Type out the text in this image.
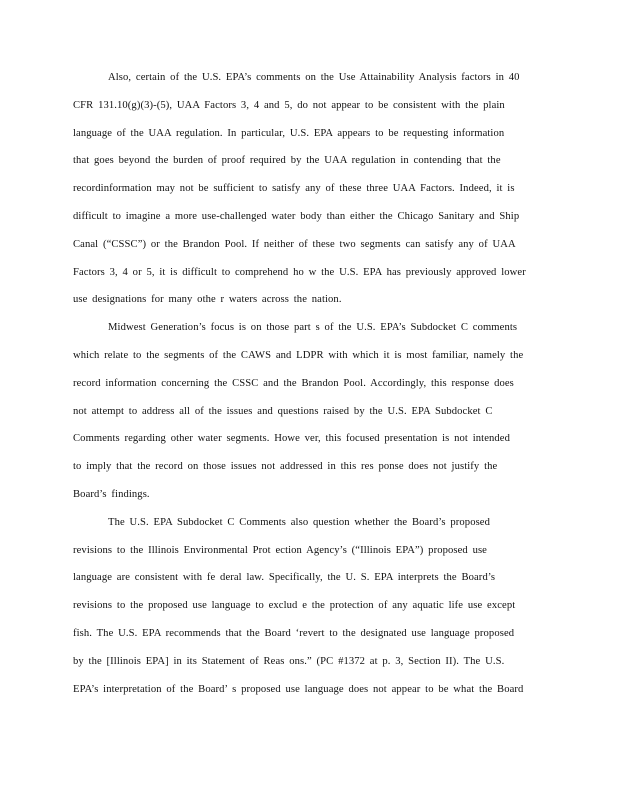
Also, certain of the U.S. EPA’s comments on the Use Attainability Analysis factors in 40
CFR 131.10(g)(3)-(5), UAA Factors 3, 4 and 5, do not appear to be consistent with the plain
language of the UAA regulation. In particular, U.S. EPA appears to be requesting information
that goes beyond the burden of proof required by the UAA regulation in contending that the
recordinformation may not be sufficient to satisfy any of these three UAA Factors. Indeed, it is
difficult to imagine a more use-challenged water body than either the Chicago Sanitary and Ship
Canal (“CSSC”) or the Brandon Pool. If neither of these two segments can satisfy any of UAA
Factors 3, 4 or 5, it is difficult to comprehend ho w the U.S. EPA has previously approved lower
use designations for many othe r waters across the nation.
Midwest Generation’s focus is on those part s of the U.S. EPA’s Subdocket C comments
which relate to the segments of the CAWS and LDPR with which it is most familiar, namely the
record information concerning the CSSC and the Brandon Pool. Accordingly, this response does
not attempt to address all of the issues and questions raised by the U.S. EPA Subdocket C
Comments regarding other water segments. Howe ver, this focused presentation is not intended
to imply that the record on those issues not addressed in this res ponse does not justify the
Board’s findings.
The U.S. EPA Subdocket C Comments also question whether the Board’s proposed
revisions to the Illinois Environmental Prot ection Agency’s (“Illinois EPA”) proposed use
language are consistent with fe deral law. Specifically, the U. S. EPA interprets the Board’s
revisions to the proposed use language to exclud e the protection of any aquatic life use except
fish. The U.S. EPA recommends that the Board ‘revert to the designated use language proposed
by the [Illinois EPA] in its Statement of Reas ons.” (PC #1372 at p. 3, Section II). The U.S.
EPA’s interpretation of the Board’ s proposed use language does not appear to be what the Board
